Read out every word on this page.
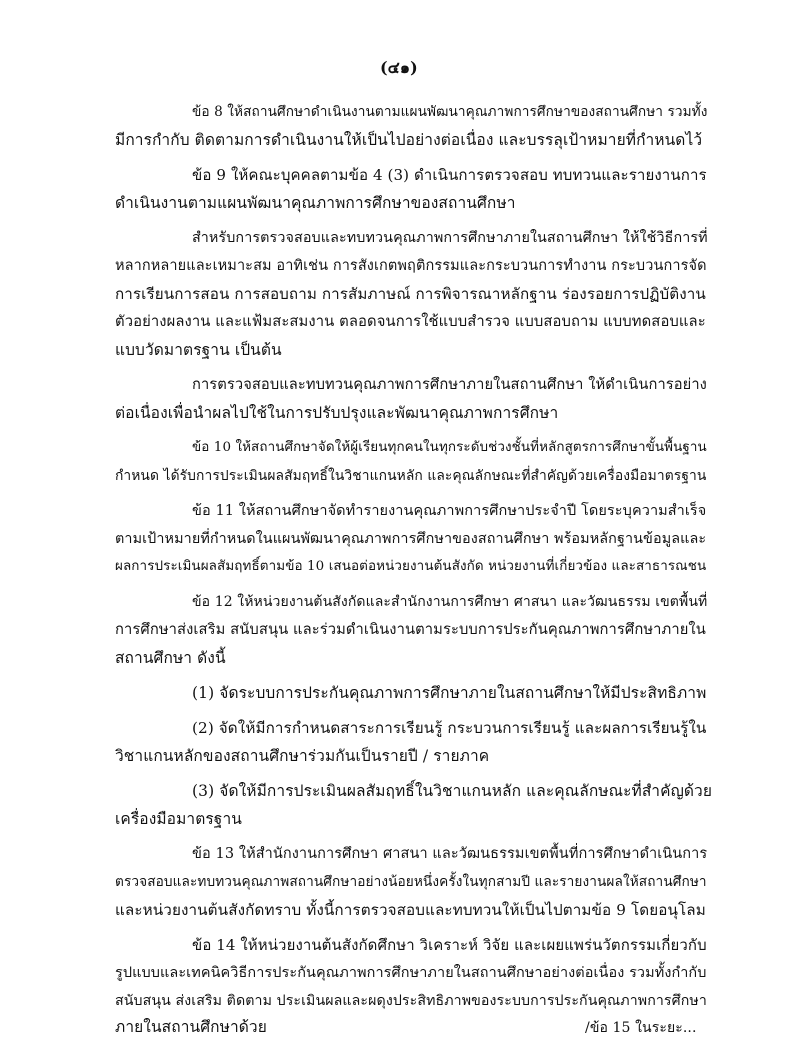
(๔๑)
ข้อ 8 ให้สถานศึกษาดำเนินงานตามแผนพัฒนาคุณภาพการศึกษาของสถานศึกษา รวมทั้ง
มีการกำกับ ติดตามการดำเนินงานให้เป็นไปอย่างต่อเนื่อง และบรรลุเป้าหมายที่กำหนดไว้
ข้อ 9 ให้คณะบุคคลตามข้อ 4 (3) ดำเนินการตรวจสอบ ทบทวนและรายงานการ
ดำเนินงานตามแผนพัฒนาคุณภาพการศึกษาของสถานศึกษา
สำหรับการตรวจสอบและทบทวนคุณภาพการศึกษาภายในสถานศึกษา ให้ใช้วิธีการที่
หลากหลายและเหมาะสม อาทิเช่น การสังเกตพฤติกรรมและกระบวนการทำงาน กระบวนการจัด
การเรียนการสอน การสอบถาม การสัมภาษณ์ การพิจารณาหลักฐาน ร่องรอยการปฏิบัติงาน
ตัวอย่างผลงาน และแฟ้มสะสมงาน ตลอดจนการใช้แบบสำรวจ แบบสอบถาม แบบทดสอบและ
แบบวัดมาตรฐาน เป็นต้น
การตรวจสอบและทบทวนคุณภาพการศึกษาภายในสถานศึกษา ให้ดำเนินการอย่าง
ต่อเนื่องเพื่อนำผลไปใช้ในการปรับปรุงและพัฒนาคุณภาพการศึกษา
ข้อ 10 ให้สถานศึกษาจัดให้ผู้เรียนทุกคนในทุกระดับช่วงชั้นที่หลักสูตรการศึกษาขั้นพื้นฐาน
กำหนด ได้รับการประเมินผลสัมฤทธิ์ในวิชาแกนหลัก และคุณลักษณะที่สำคัญด้วยเครื่องมือมาตรฐาน
ข้อ 11 ให้สถานศึกษาจัดทำรายงานคุณภาพการศึกษาประจำปี โดยระบุความสำเร็จ
ตามเป้าหมายที่กำหนดในแผนพัฒนาคุณภาพการศึกษาของสถานศึกษา พร้อมหลักฐานข้อมูลและ
ผลการประเมินผลสัมฤทธิ์ตามข้อ 10 เสนอต่อหน่วยงานต้นสังกัด หน่วยงานที่เกี่ยวข้อง และสาธารณชน
ข้อ 12 ให้หน่วยงานต้นสังกัดและสำนักงานการศึกษา ศาสนา และวัฒนธรรม เขตพื้นที่
การศึกษาส่งเสริม สนับสนุน และร่วมดำเนินงานตามระบบการประกันคุณภาพการศึกษาภายใน
สถานศึกษา ดังนี้
(1) จัดระบบการประกันคุณภาพการศึกษาภายในสถานศึกษาให้มีประสิทธิภาพ
(2) จัดให้มีการกำหนดสาระการเรียนรู้ กระบวนการเรียนรู้ และผลการเรียนรู้ใน
วิชาแกนหลักของสถานศึกษาร่วมกันเป็นรายปี / รายภาค
(3) จัดให้มีการประเมินผลสัมฤทธิ์ในวิชาแกนหลัก และคุณลักษณะที่สำคัญด้วย
เครื่องมือมาตรฐาน
ข้อ 13 ให้สำนักงานการศึกษา ศาสนา และวัฒนธรรมเขตพื้นที่การศึกษาดำเนินการ
ตรวจสอบและทบทวนคุณภาพสถานศึกษาอย่างน้อยหนึ่งครั้งในทุกสามปี และรายงานผลให้สถานศึกษา
และหน่วยงานต้นสังกัดทราบ ทั้งนี้การตรวจสอบและทบทวนให้เป็นไปตามข้อ 9 โดยอนุโลม
ข้อ 14 ให้หน่วยงานต้นสังกัดศึกษา วิเคราะห์ วิจัย และเผยแพร่นวัตกรรมเกี่ยวกับ
รูปแบบและเทคนิควิธีการประกันคุณภาพการศึกษาภายในสถานศึกษาอย่างต่อเนื่อง รวมทั้งกำกับ
สนับสนุน ส่งเสริม ติดตาม ประเมินผลและผดุงประสิทธิภาพของระบบการประกันคุณภาพการศึกษา
ภายในสถานศึกษาด้วย	/ข้อ 15 ในระยะ...
